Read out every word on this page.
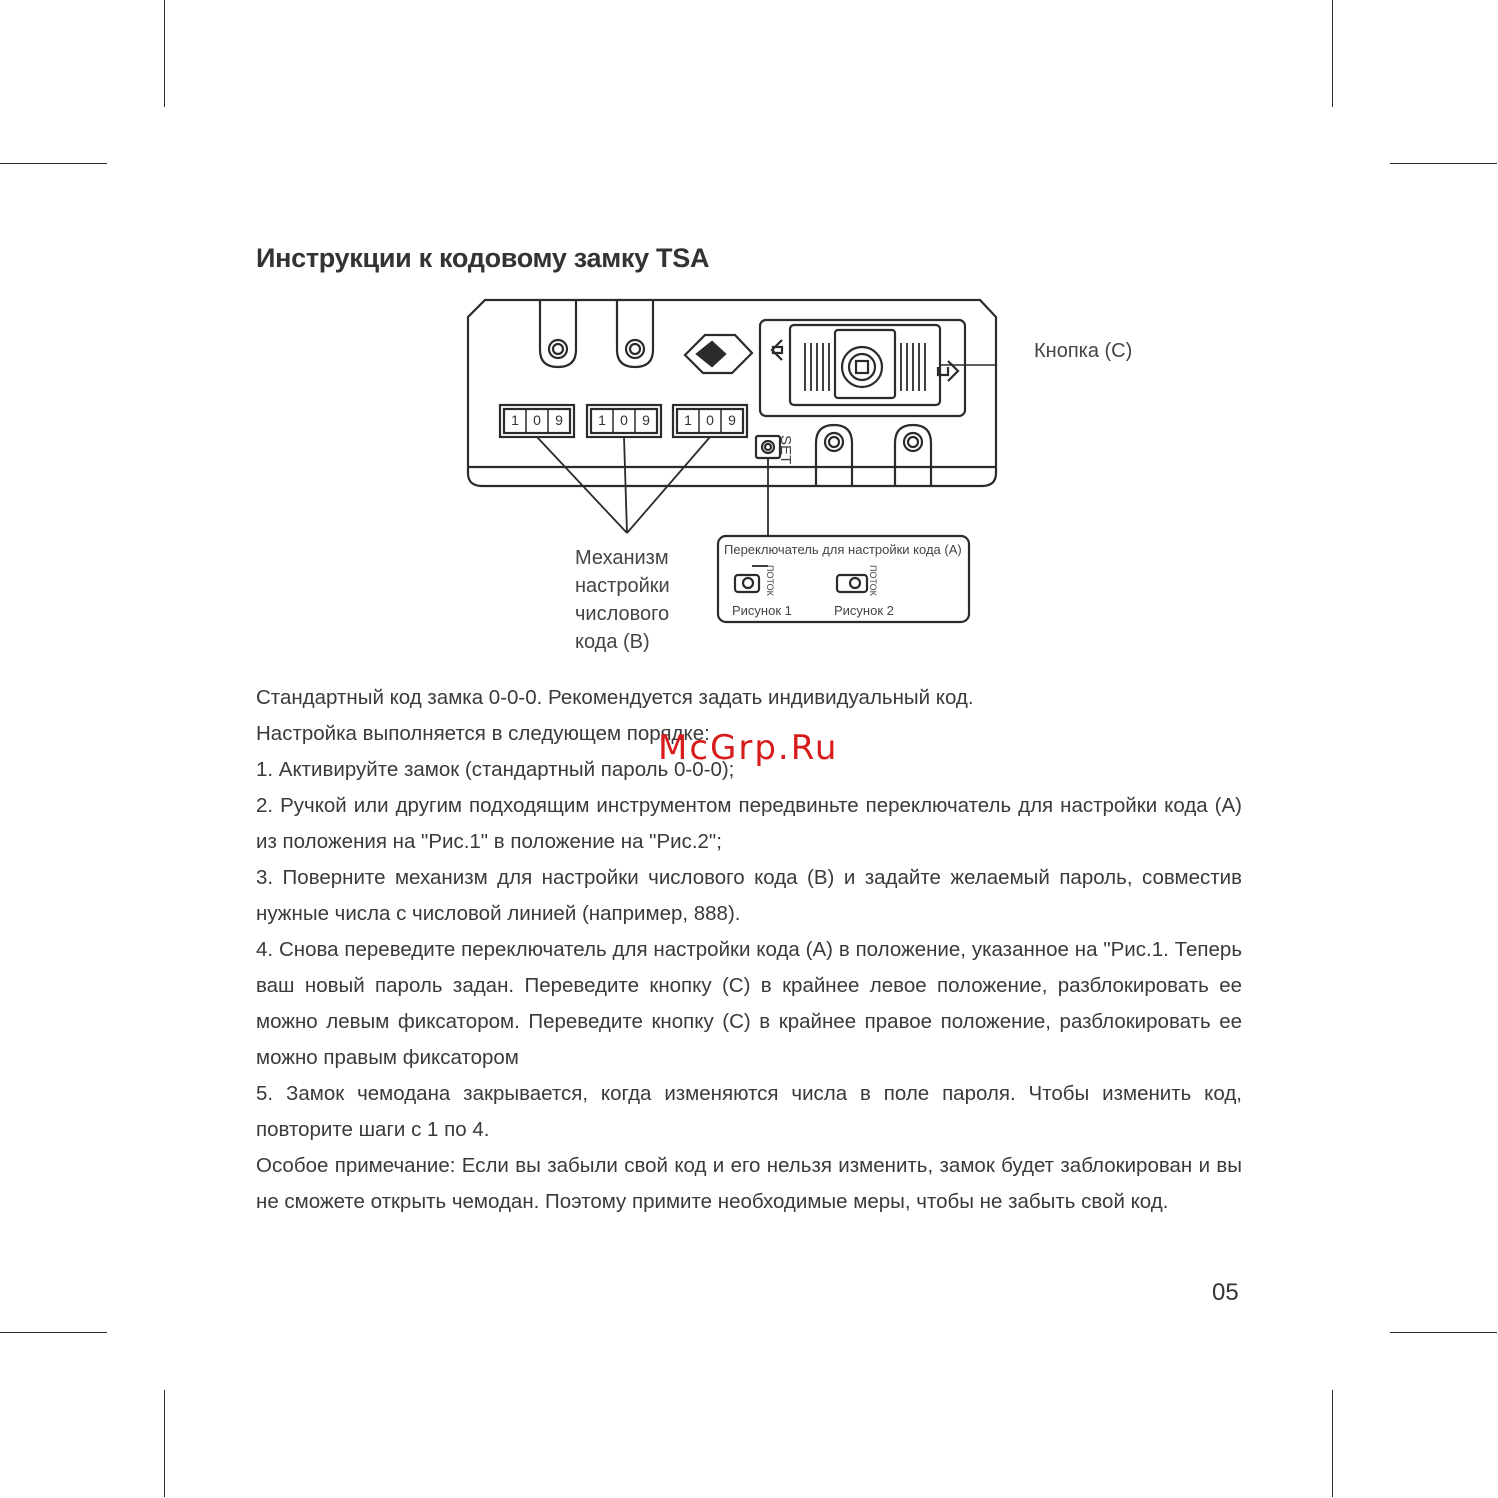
Инструкции к кодовому замку TSA
1	0	9	1	0	9	1	0	9
SET
Кнопка (С)
Механизм настройки числового кода (В)
Переключатель для настройки кода (А)
ПОТОК	ПОТОК
Рисунок 1	Рисунок 2

Стандартный код замка 0-0-0. Рекомендуется задать индивидуальный код.

Настройка выполняется в следующем порядке:

1. Активируйте замок (стандартный пароль 0-0-0);

2. Ручкой или другим подходящим инструментом передвиньте переключатель для настройки кода (А) из положения на "Рис.1" в положение на "Рис.2";

3. Поверните механизм для настройки числового кода (В) и задайте желаемый пароль, совместив нужные числа с числовой линией (например, 888).

4. Снова переведите переключатель для настройки кода (А) в положение, указанное на "Рис.1. Теперь ваш новый пароль задан. Переведите кнопку (С) в крайнее левое положение, разблокировать ее можно левым фиксатором. Переведите кнопку (С) в крайнее правое положение, разблокировать ее можно правым фиксатором

5. Замок чемодана закрывается, когда изменяются числа в поле пароля. Чтобы изменить код, повторите шаги с 1 по 4.

Особое примечание: Если вы забыли свой код и его нельзя изменить, замок будет заблокирован и вы не сможете открыть чемодан. Поэтому примите необходимые меры, чтобы не забыть свой код.

McGrp.Ru
05
